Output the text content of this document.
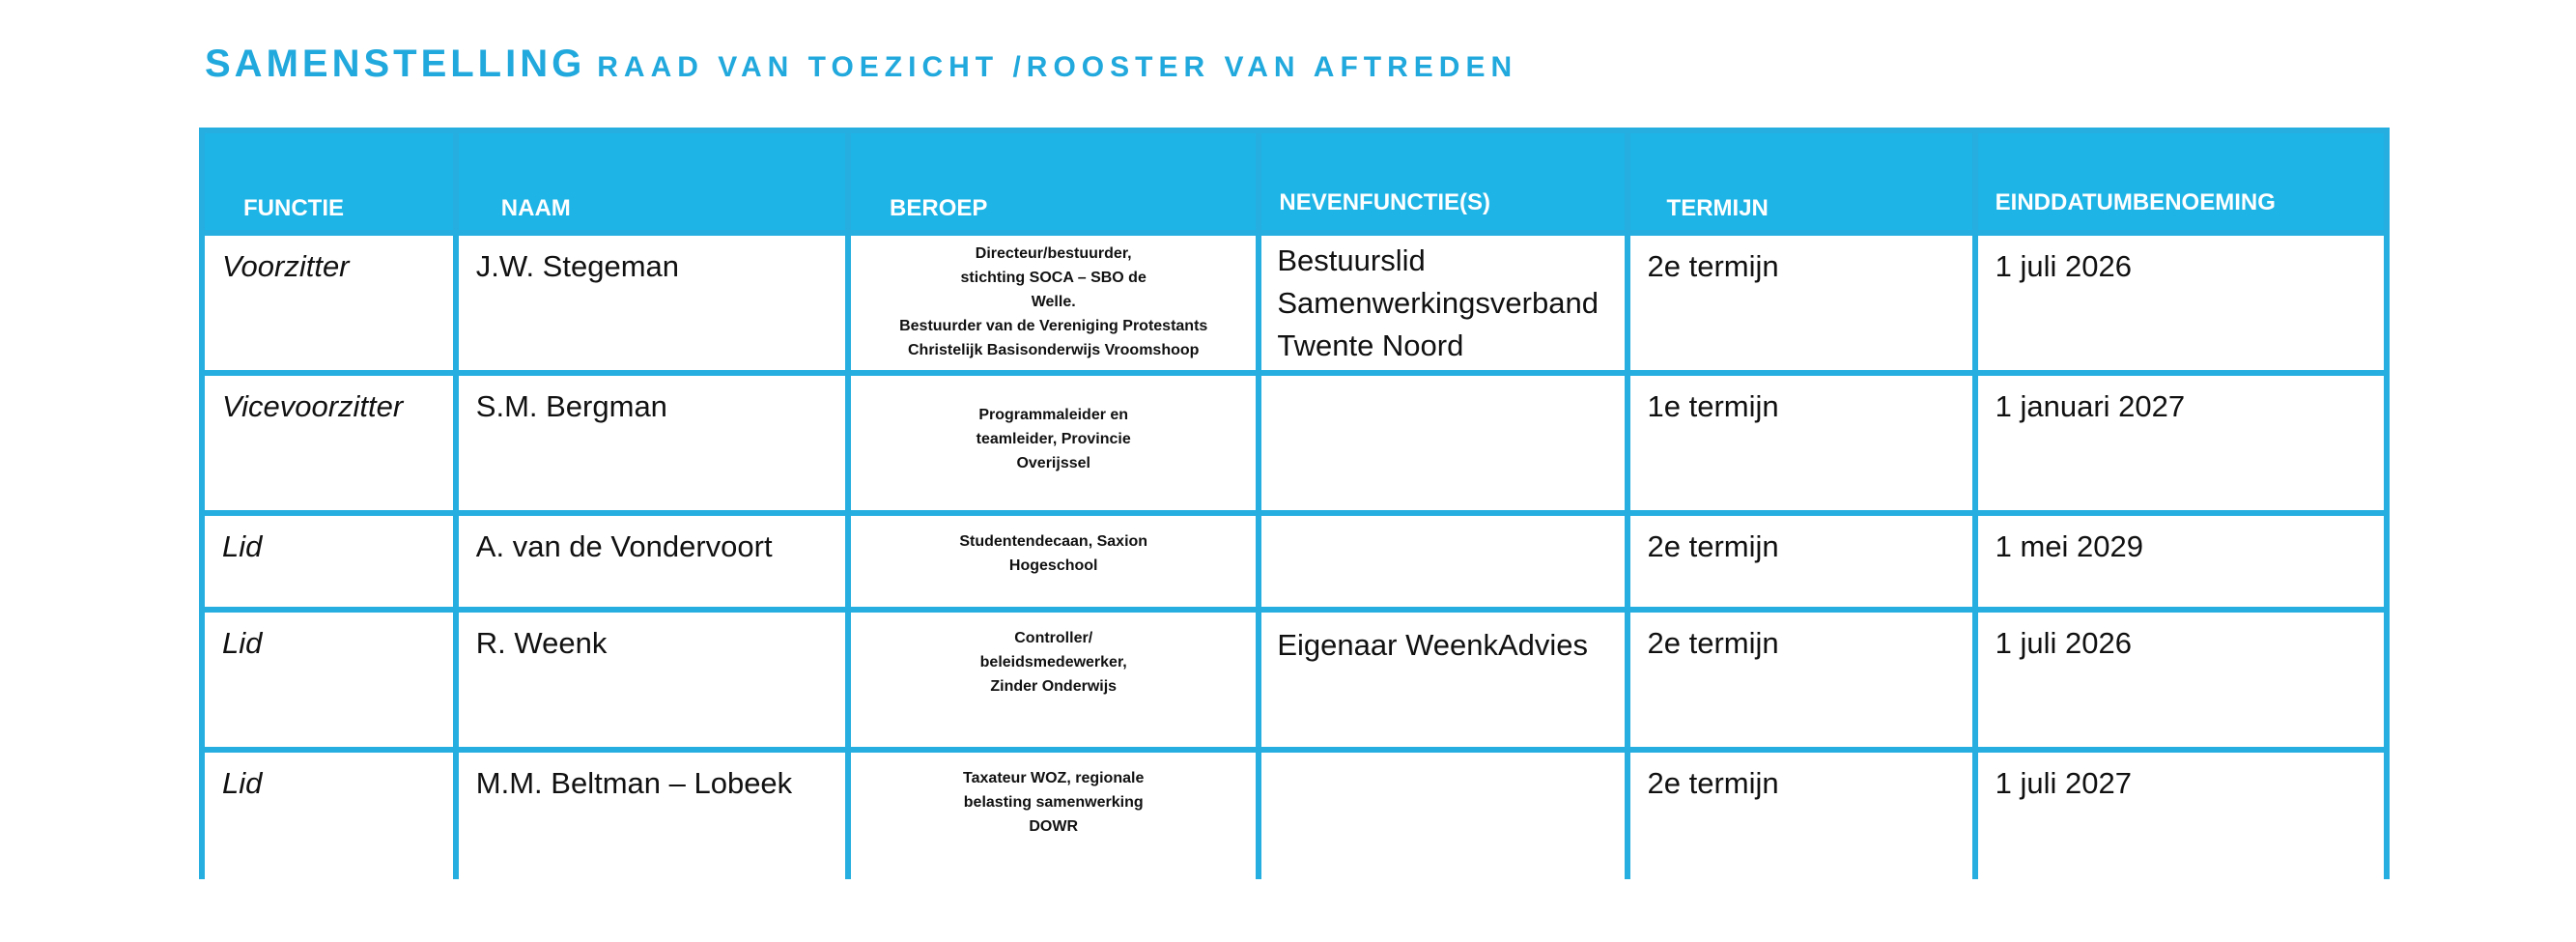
SAMENSTELLING RAAD VAN TOEZICHT /ROOSTER VAN AFTREDEN
FUNCTIE	NAAM	BEROEP	NEVENFUNCTIE(S)	TERMIJN	EINDDATUMBENOEMING
Voorzitter	J.W. Stegeman	Directeur/bestuurder,
stichting SOCA – SBO de
Welle.
Bestuurder van de Vereniging Protestants
Christelijk Basisonderwijs Vroomshoop	Bestuurslid
Samenwerkingsverband
Twente Noord	2e termijn	1 juli 2026
Vicevoorzitter	S.M. Bergman	Programmaleider en
teamleider, Provincie
Overijssel		1e termijn	1 januari 2027
Lid	A. van de Vondervoort	Studentendecaan, Saxion
Hogeschool		2e termijn	1 mei 2029
Lid	R. Weenk	Controller/
beleidsmedewerker,
Zinder Onderwijs	Eigenaar WeenkAdvies	2e termijn	1 juli 2026
Lid	M.M. Beltman – Lobeek	Taxateur WOZ, regionale
belasting samenwerking
DOWR		2e termijn	1 juli 2027
